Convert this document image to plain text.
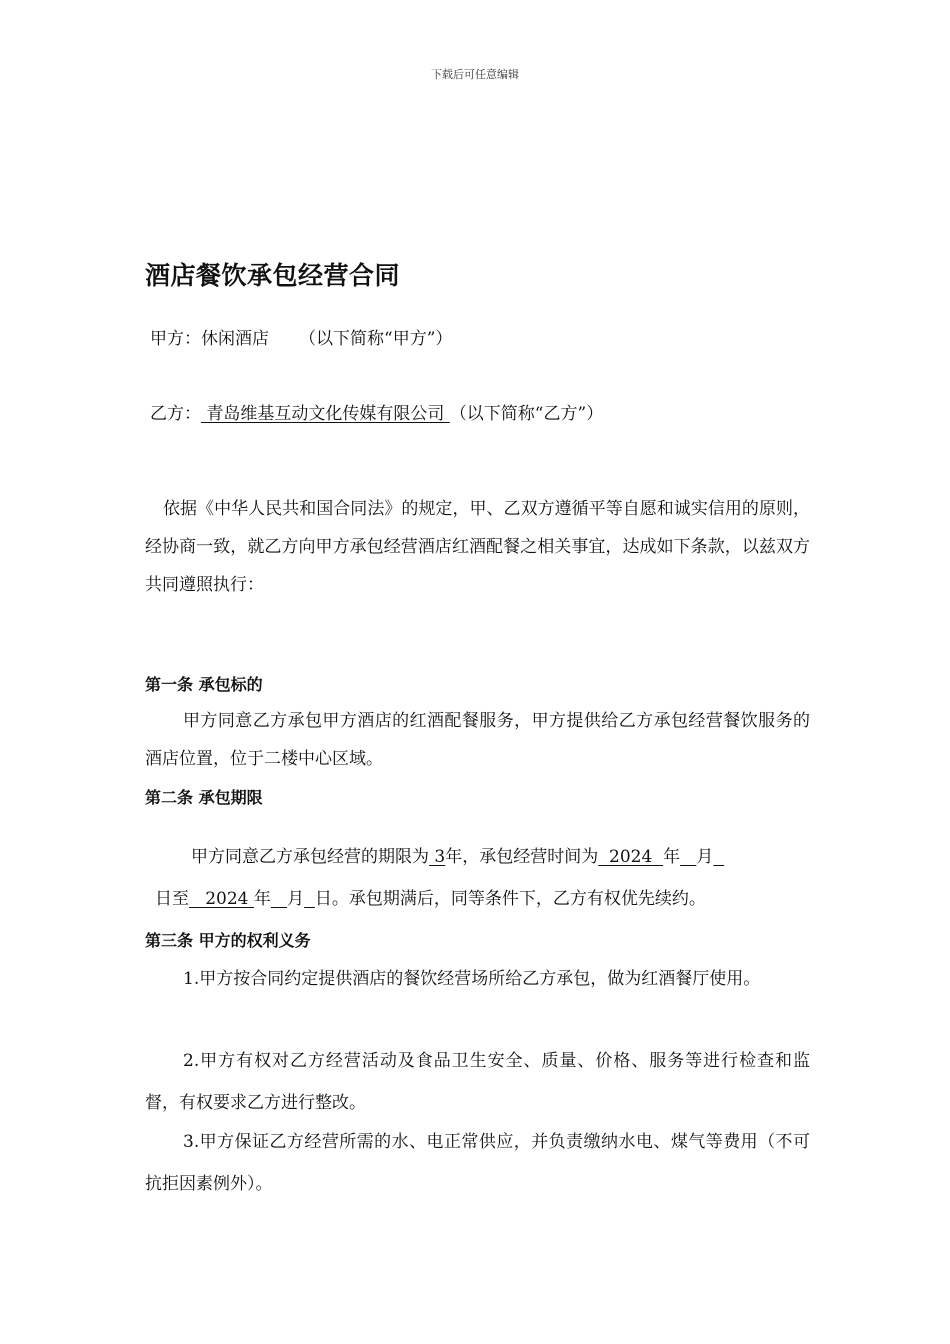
下载后可任意编辑
酒店餐饮承包经营合同
甲方：休闲酒店 （以下简称“甲方”）
乙方： 青岛维基互动文化传媒有限公司 （以下简称“乙方”）
依据《中华人民共和国合同法》的规定，甲、乙双方遵循平等自愿和诚实信用的原则，经协商一致，就乙方向甲方承包经营酒店红酒配餐之相关事宜，达成如下条款，以兹双方共同遵照执行：
第一条 承包标的
甲方同意乙方承包甲方酒店的红酒配餐服务，甲方提供给乙方承包经营餐饮服务的酒店位置，位于二楼中心区域。
第二条 承包期限
甲方同意乙方承包经营的期限为 3年，承包经营时间为 2024 年 月
日至 2024 年 月 日。承包期满后，同等条件下，乙方有权优先续约。
第三条 甲方的权利义务
1.甲方按合同约定提供酒店的餐饮经营场所给乙方承包，做为红酒餐厅使用。
2.甲方有权对乙方经营活动及食品卫生安全、质量、价格、服务等进行检查和监督，有权要求乙方进行整改。
3.甲方保证乙方经营所需的水、电正常供应，并负责缴纳水电、煤气等费用（不可抗拒因素例外）。
